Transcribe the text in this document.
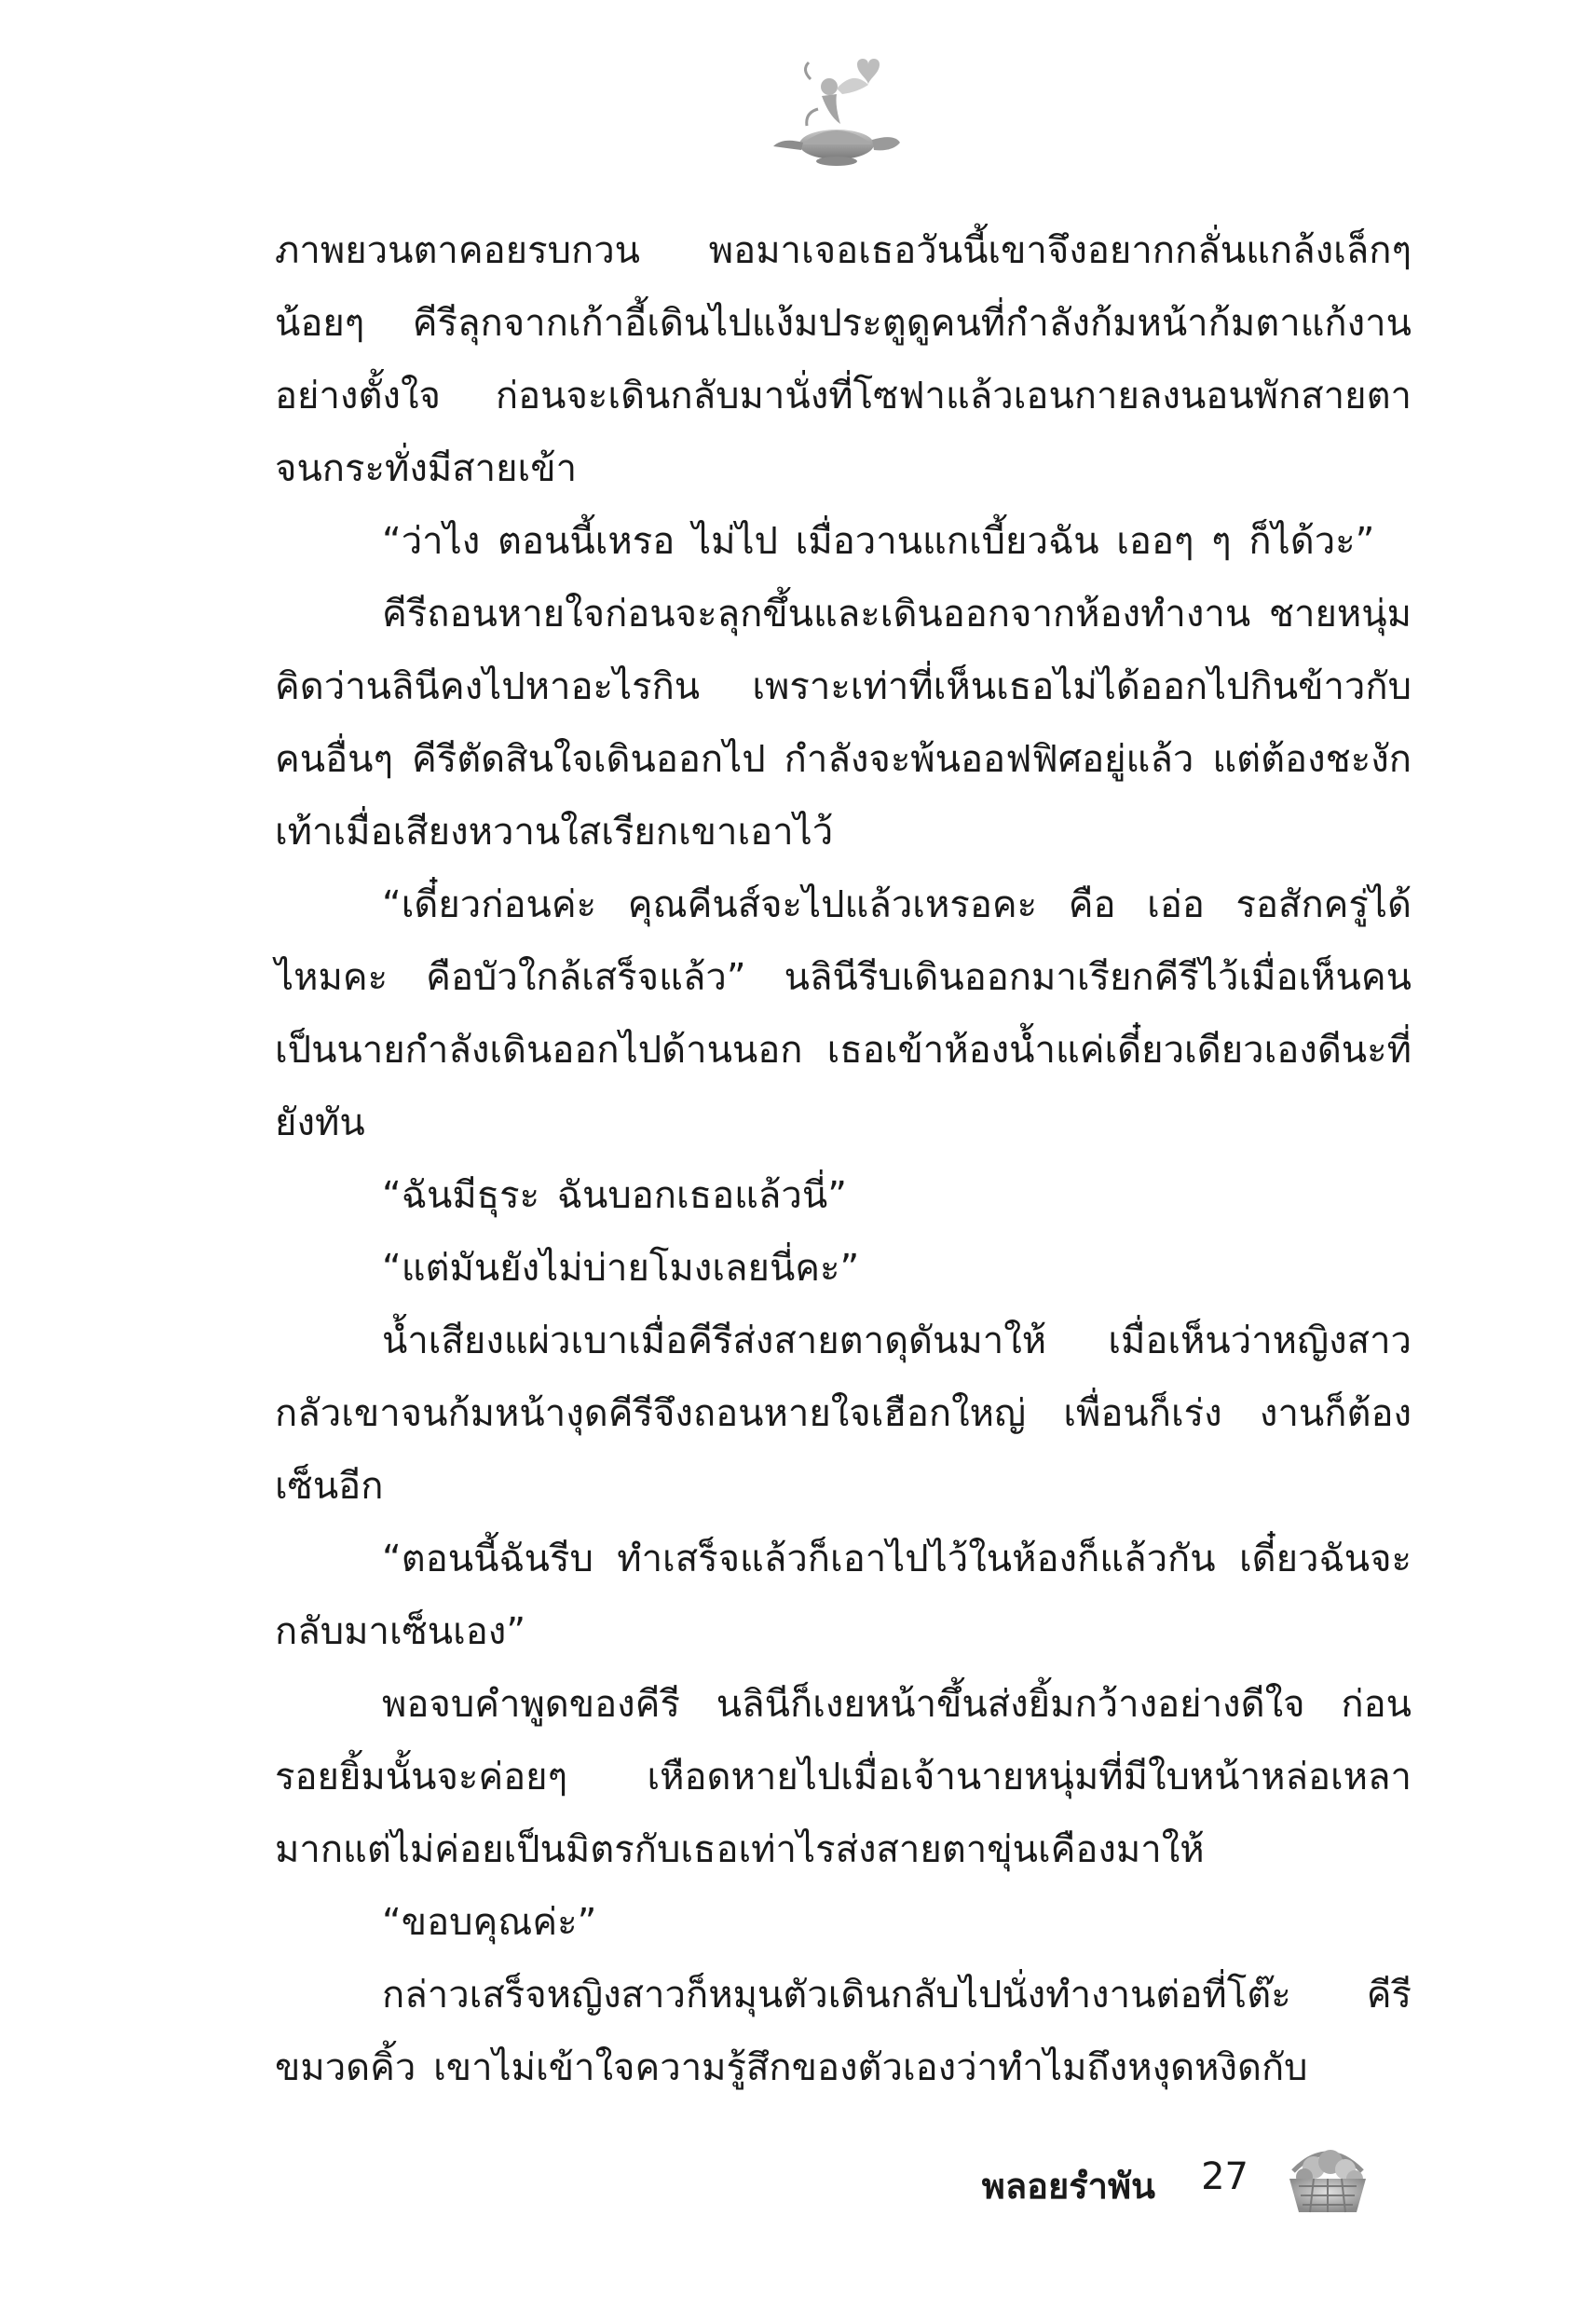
ภาพยวนตาคอยรบกวน พอมาเจอเธอวันนี้เขาจึงอยากกลั่นแกล้งเล็กๆ น้อยๆ คีรีลุกจากเก้าอี้เดินไปแง้มประตูดูคนที่กำลังก้มหน้าก้มตาแก้งานอย่างตั้งใจ ก่อนจะเดินกลับมานั่งที่โซฟาแล้วเอนกายลงนอนพักสายตาจนกระทั่งมีสายเข้า

“ว่าไง ตอนนี้เหรอ ไม่ไป เมื่อวานแกเบี้ยวฉัน เออๆ ๆ ก็ได้วะ”

คีรีถอนหายใจก่อนจะลุกขึ้นและเดินออกจากห้องทำงาน ชายหนุ่มคิดว่านลินีคงไปหาอะไรกิน เพราะเท่าที่เห็นเธอไม่ได้ออกไปกินข้าวกับคนอื่นๆ คีรีตัดสินใจเดินออกไป กำลังจะพ้นออฟฟิศอยู่แล้ว แต่ต้องชะงักเท้าเมื่อเสียงหวานใสเรียกเขาเอาไว้

“เดี๋ยวก่อนค่ะ คุณคีนส์จะไปแล้วเหรอคะ คือ เอ่อ รอสักครู่ได้ไหมคะ คือบัวใกล้เสร็จแล้ว” นลินีรีบเดินออกมาเรียกคีรีไว้เมื่อเห็นคนเป็นนายกำลังเดินออกไปด้านนอก เธอเข้าห้องน้ำแค่เดี๋ยวเดียวเองดีนะที่ยังทัน

“ฉันมีธุระ ฉันบอกเธอแล้วนี่”

“แต่มันยังไม่บ่ายโมงเลยนี่คะ”

น้ำเสียงแผ่วเบาเมื่อคีรีส่งสายตาดุดันมาให้ เมื่อเห็นว่าหญิงสาวกลัวเขาจนก้มหน้างุดคีรีจึงถอนหายใจเฮือกใหญ่ เพื่อนก็เร่ง งานก็ต้องเซ็นอีก

“ตอนนี้ฉันรีบ ทำเสร็จแล้วก็เอาไปไว้ในห้องก็แล้วกัน เดี๋ยวฉันจะกลับมาเซ็นเอง”

พอจบคำพูดของคีรี นลินีก็เงยหน้าขึ้นส่งยิ้มกว้างอย่างดีใจ ก่อนรอยยิ้มนั้นจะค่อยๆ เหือดหายไปเมื่อเจ้านายหนุ่มที่มีใบหน้าหล่อเหลามากแต่ไม่ค่อยเป็นมิตรกับเธอเท่าไรส่งสายตาขุ่นเคืองมาให้

“ขอบคุณค่ะ”

กล่าวเสร็จหญิงสาวก็หมุนตัวเดินกลับไปนั่งทำงานต่อที่โต๊ะ คีรีขมวดคิ้ว เขาไม่เข้าใจความรู้สึกของตัวเองว่าทำไมถึงหงุดหงิดกับ

พลอยรำพัน 27
